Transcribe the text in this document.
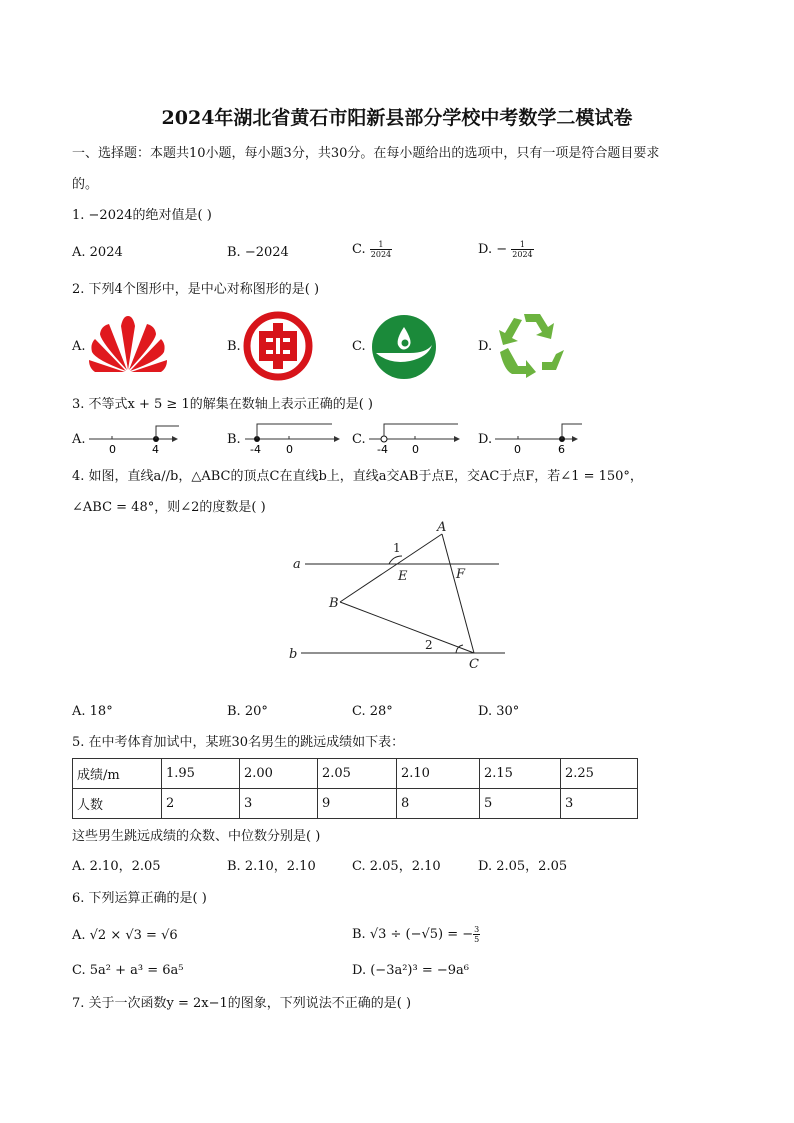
2024年湖北省黄石市阳新县部分学校中考数学二模试卷
一、选择题：本题共10小题，每小题3分，共30分。在每小题给出的选项中，只有一项是符合题目要求
的。
1. −2024的绝对值是( )
A. 2024	B. −2024	C. $\frac{1}{2024}$	D. − $\frac{1}{2024}$
2. 下列4个图形中，是中心对称图形的是( )
A.	B.	C.	D.
3. 不等式x + 5 ≥ 1的解集在数轴上表示正确的是( )
A.
0	4
B.
-4 0
C.
-4 0
D.
0	6
4. 如图，直线a//b，△ABC的顶点C在直线b上，直线a交AB于点E，交AC于点F，若∠1 = 150°，
∠ABC = 48°，则∠2的度数是( )
a
b
A
B
C
E	F
1
2
A. 18°	B. 20°	C. 28°	D. 30°
5. 在中考体育加试中，某班30名男生的跳远成绩如下表：
成绩/m	1.95	2.00	2.05	2.10	2.15	2.25
人数	2	3	9	8	5	3
这些男生跳远成绩的众数、中位数分别是( )
A. 2.10，2.05	B. 2.10，2.10	C. 2.05，2.10	D. 2.05，2.05
6. 下列运算正确的是( )
A. √2 × √3 = √6	B. √3 ÷ (−√5) = − $\frac{3}{5}$
C. 5a² + a³ = 6a⁵	D. (−3a²)³ = −9a⁶
7. 关于一次函数y = 2x−1的图象，下列说法不正确的是( )
